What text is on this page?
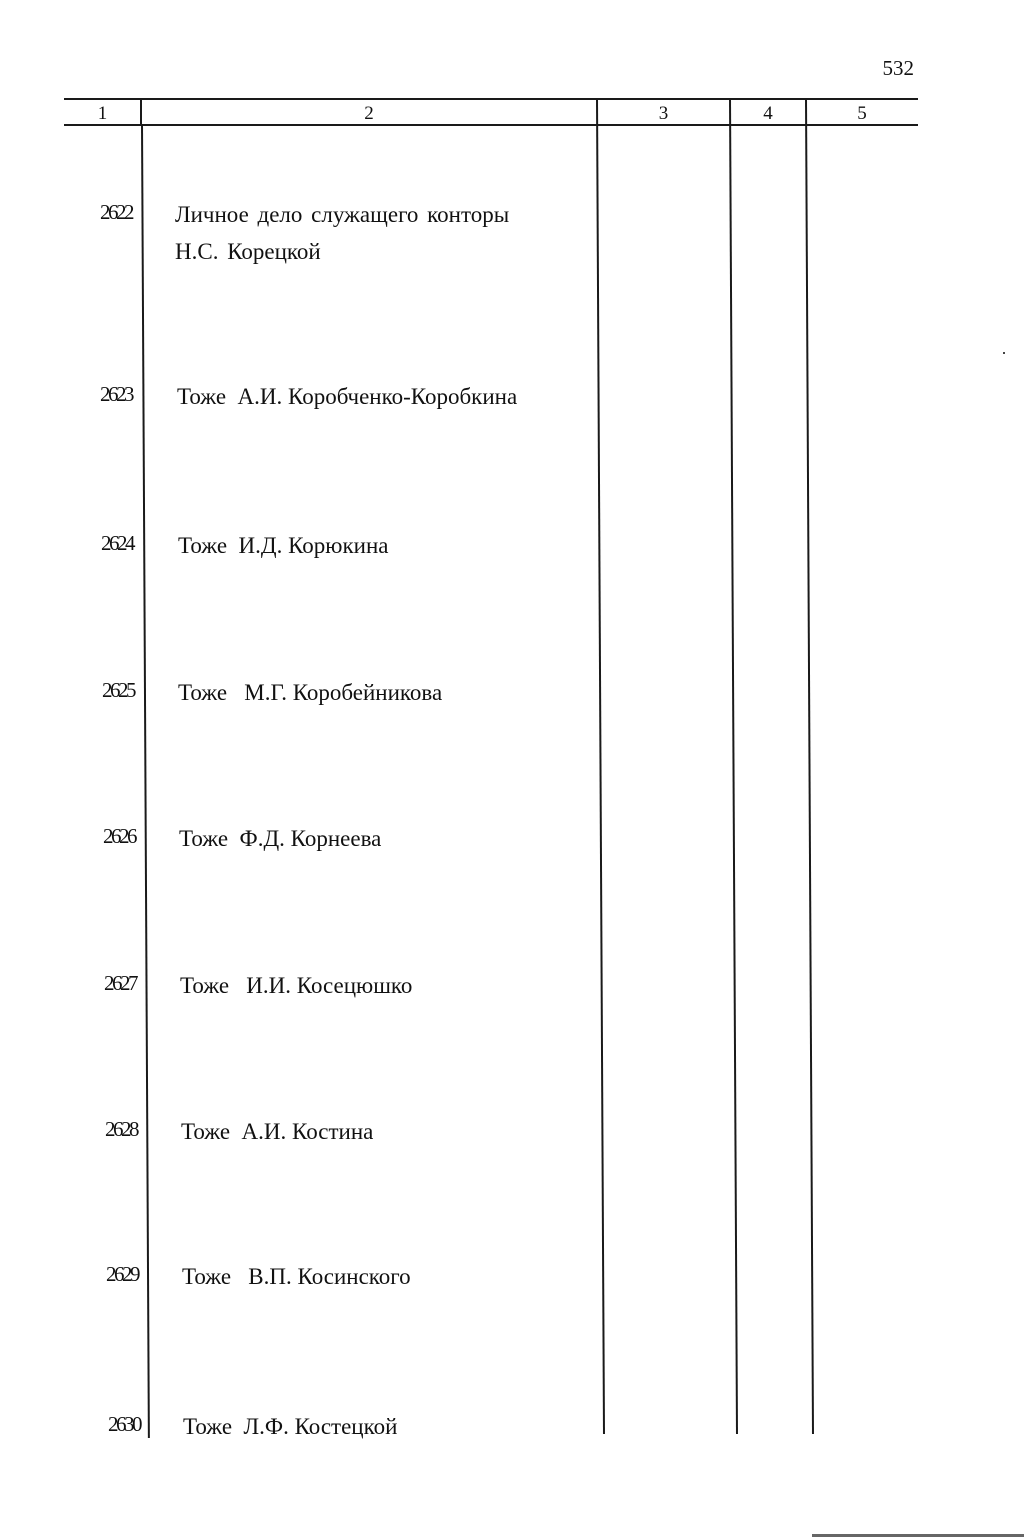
532
1	2	3	4	5
2622 Личное дело служащего конторы
Н.С. Корецкой
2623 Тоже  А.И. Коробченко-Коробкина
2624 Тоже  И.Д. Корюкина
2625 Тоже   М.Г. Коробейникова
2626 Тоже  Ф.Д. Корнеева
2627 Тоже   И.И. Косецюшко
2628 Тоже  А.И. Костина
2629 Тоже   В.П. Косинского
2630 Тоже  Л.Ф. Костецкой
